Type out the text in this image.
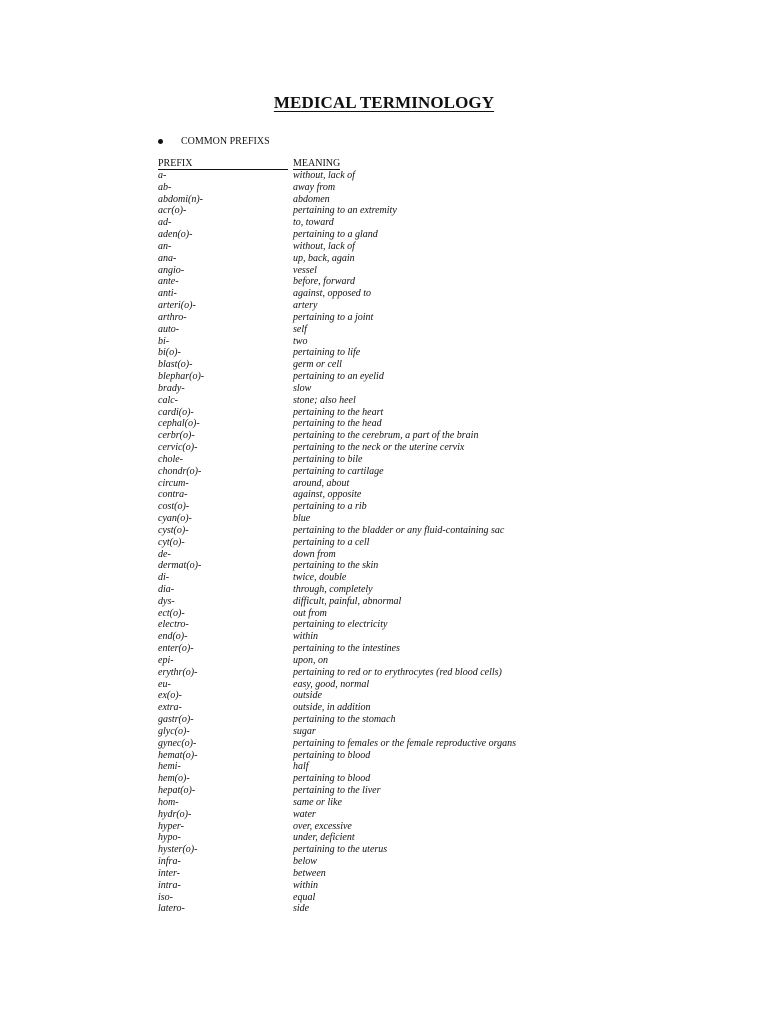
MEDICAL TERMINOLOGY
COMMON PREFIXS
PREFIX	MEANING
a-	without, lack of
ab-	away from
abdomi(n)-	abdomen
acr(o)-	pertaining to an extremity
ad-	to, toward
aden(o)-	pertaining to a gland
an-	without, lack of
ana-	up, back, again
angio-	vessel
ante-	before, forward
anti-	against, opposed to
arteri(o)-	artery
arthro-	pertaining to a joint
auto-	self
bi-	two
bi(o)-	pertaining to life
blast(o)-	germ or cell
blephar(o)-	pertaining to an eyelid
brady-	slow
calc-	stone; also heel
cardi(o)-	pertaining to the heart
cephal(o)-	pertaining to the head
cerbr(o)-	pertaining to the cerebrum, a part of the brain
cervic(o)-	pertaining to the neck or the uterine cervix
chole-	pertaining to bile
chondr(o)-	pertaining to cartilage
circum-	around, about
contra-	against, opposite
cost(o)-	pertaining to a rib
cyan(o)-	blue
cyst(o)-	pertaining to the bladder or any fluid-containing sac
cyt(o)-	pertaining to a cell
de-	down from
dermat(o)-	pertaining to the skin
di-	twice, double
dia-	through, completely
dys-	difficult, painful, abnormal
ect(o)-	out from
electro-	pertaining to electricity
end(o)-	within
enter(o)-	pertaining to the intestines
epi-	upon, on
erythr(o)-	pertaining to red or to erythrocytes (red blood cells)
eu-	easy, good, normal
ex(o)-	outside
extra-	outside, in addition
gastr(o)-	pertaining to the stomach
glyc(o)-	sugar
gynec(o)-	pertaining to females or the female reproductive organs
hemat(o)-	pertaining to blood
hemi-	half
hem(o)-	pertaining to blood
hepat(o)-	pertaining to the liver
hom-	same or like
hydr(o)-	water
hyper-	over, excessive
hypo-	under, deficient
hyster(o)-	pertaining to the uterus
infra-	below
inter-	between
intra-	within
iso-	equal
latero-	side
